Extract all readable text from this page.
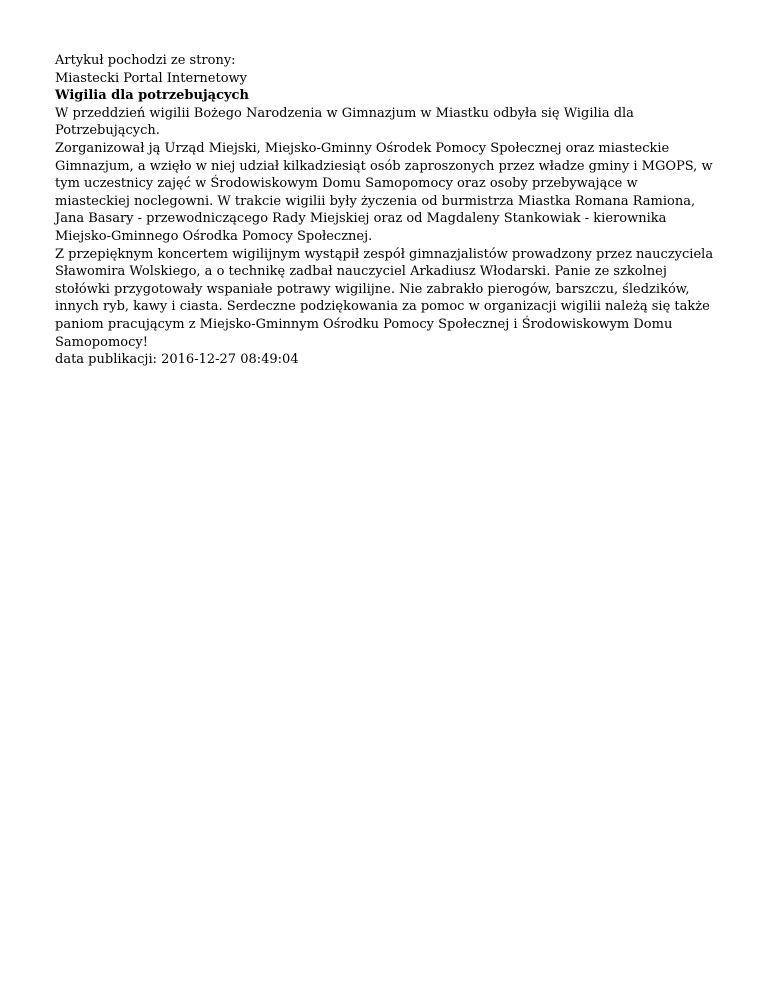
Artykuł pochodzi ze strony:
Miastecki Portal Internetowy

Wigilia dla potrzebujących

W przeddzień wigilii Bożego Narodzenia w Gimnazjum w Miastku odbyła się Wigilia dla Potrzebujących.

Zorganizował ją Urząd Miejski, Miejsko-Gminny Ośrodek Pomocy Społecznej oraz miasteckie Gimnazjum, a wzięło w niej udział kilkadziesiąt osób zaproszonych przez władze gminy i MGOPS, w tym uczestnicy zajęć w Środowiskowym Domu Samopomocy oraz osoby przebywające w miasteckiej noclegowni. W trakcie wigilii były życzenia od burmistrza Miastka Romana Ramiona, Jana Basary - przewodniczącego Rady Miejskiej oraz od Magdaleny Stankowiak - kierownika Miejsko-Gminnego Ośrodka Pomocy Społecznej.

Z przepięknym koncertem wigilijnym wystąpił zespół gimnazjalistów prowadzony przez nauczyciela Sławomira Wolskiego, a o technikę zadbał nauczyciel Arkadiusz Włodarski. Panie ze szkolnej stołówki przygotowały wspaniałe potrawy wigilijne. Nie zabrakło pierogów, barszczu, śledzików, innych ryb, kawy i ciasta. Serdeczne podziękowania za pomoc w organizacji wigilii należą się także paniom pracującym z Miejsko-Gminnym Ośrodku Pomocy Społecznej i Środowiskowym Domu Samopomocy!

data publikacji: 2016-12-27 08:49:04
